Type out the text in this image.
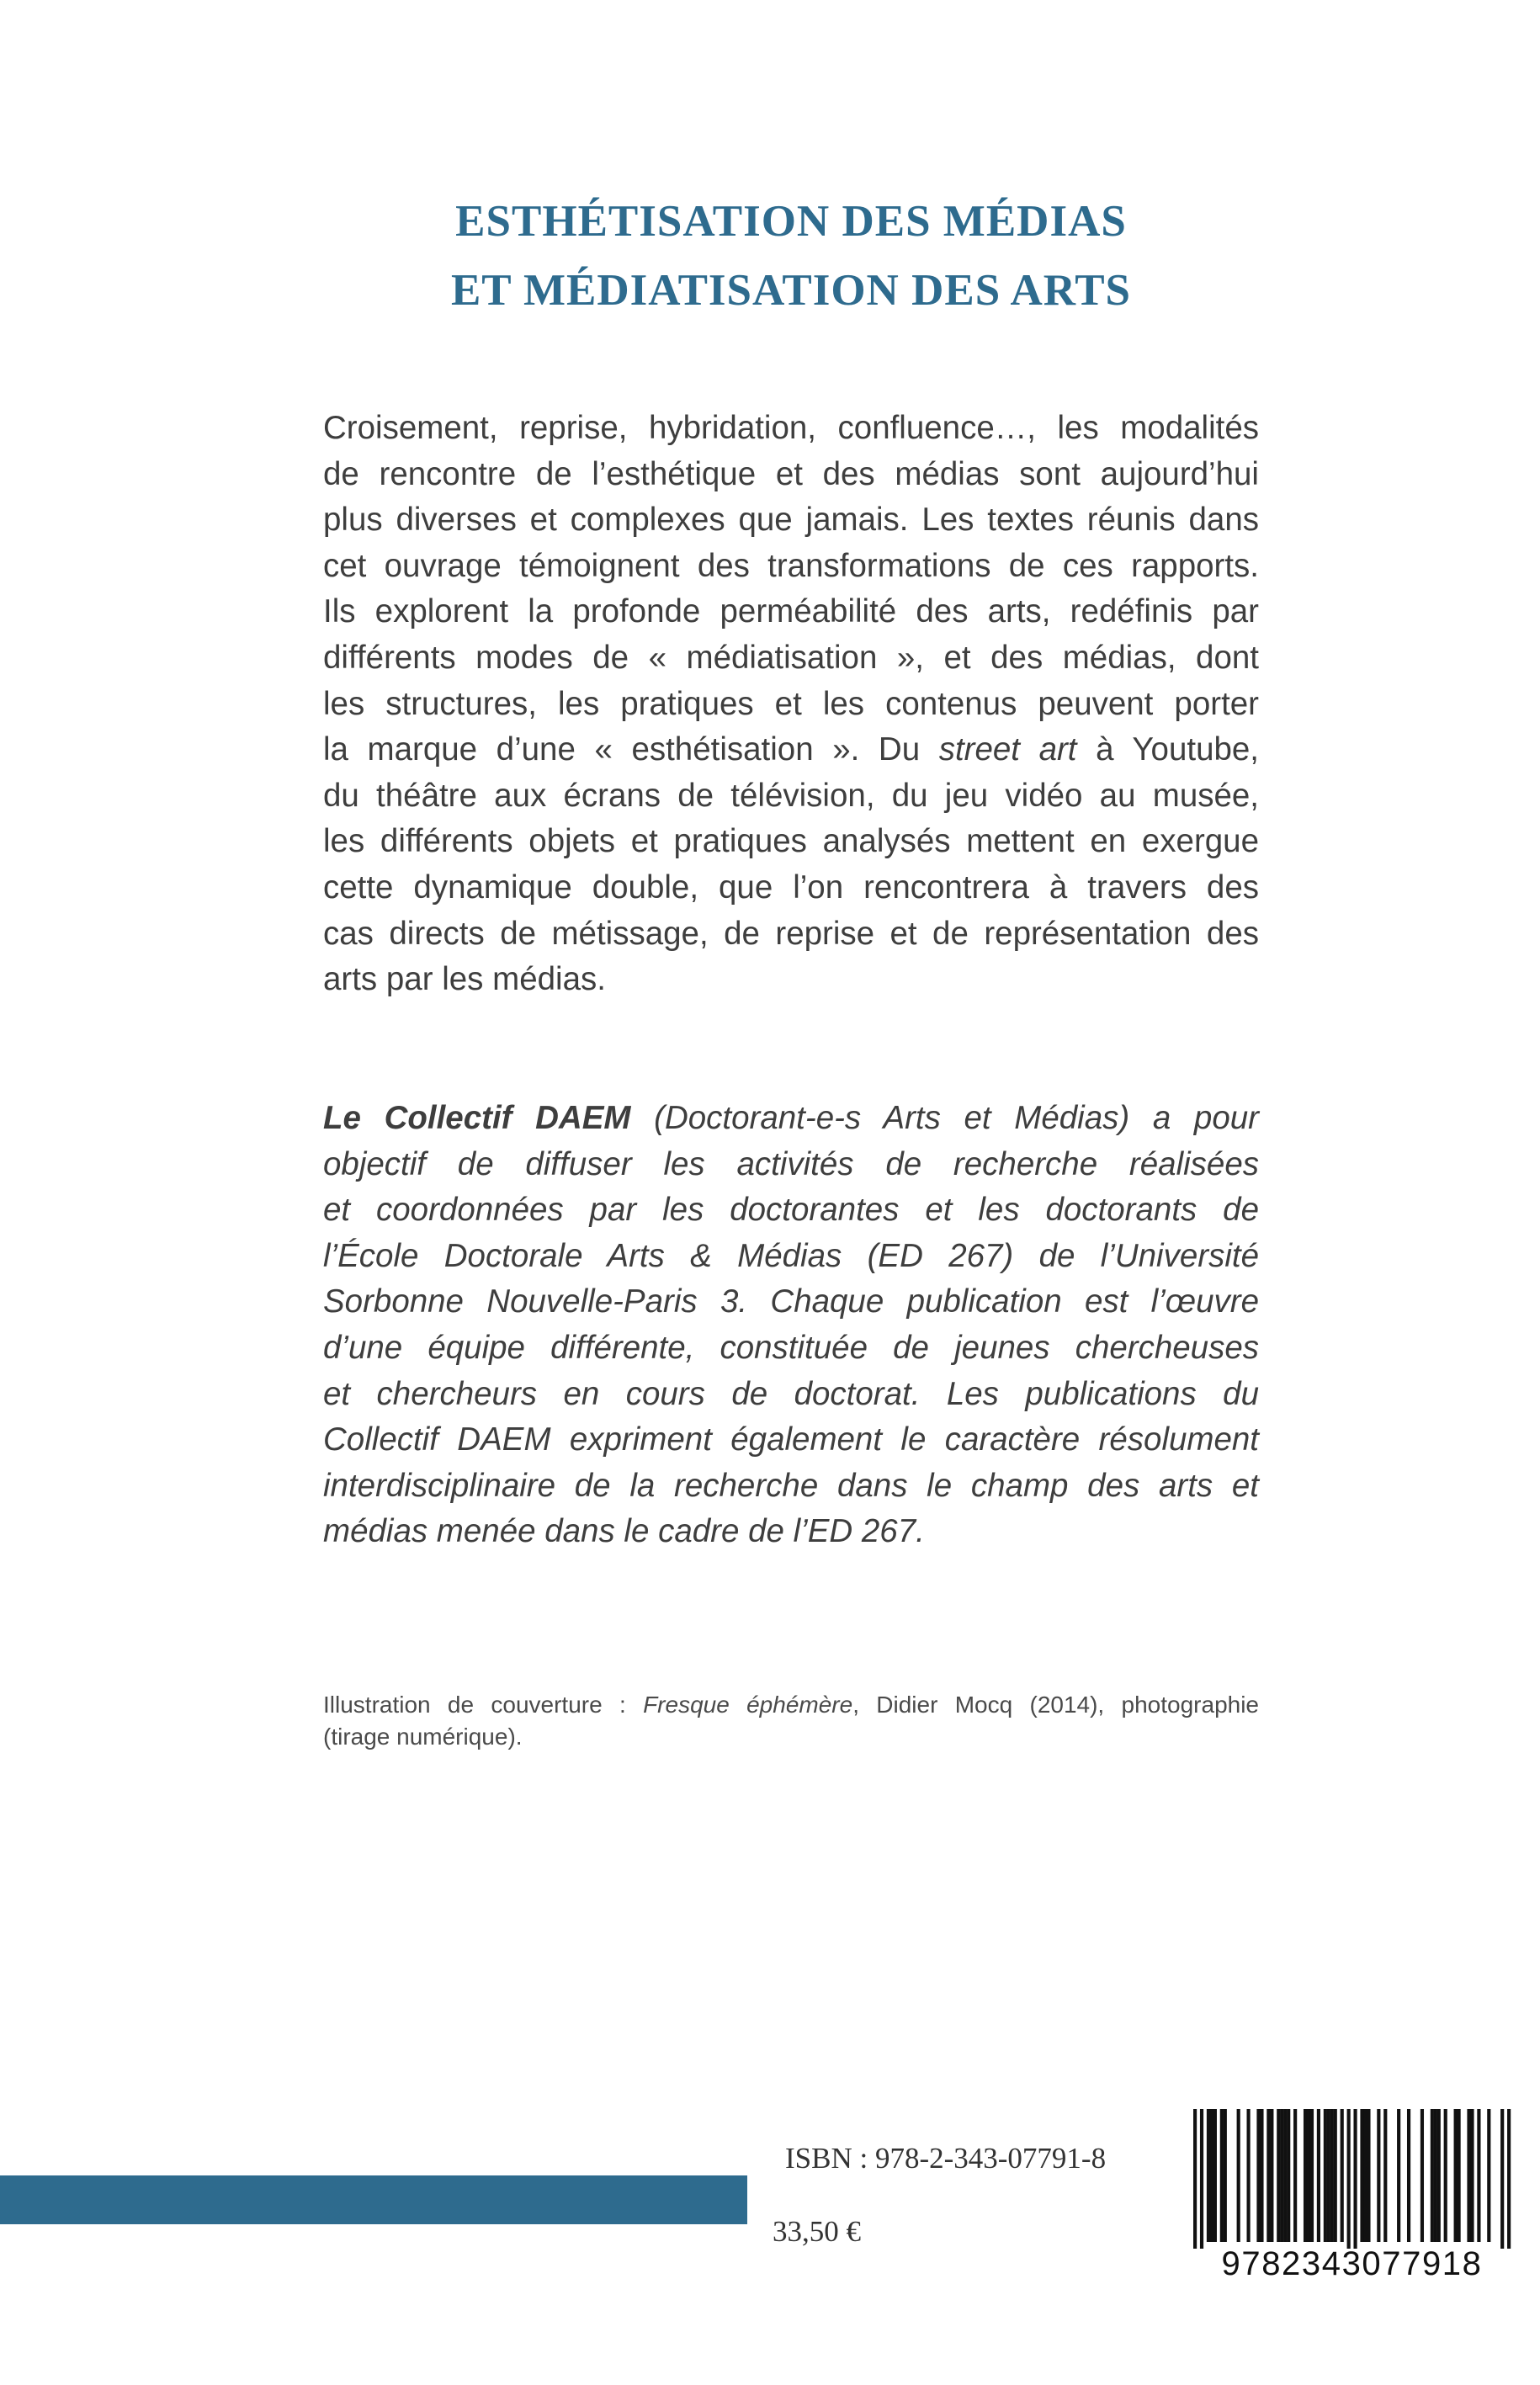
ESTHÉTISATION DES MÉDIAS
ET MÉDIATISATION DES ARTS
Croisement, reprise, hybridation, confluence…, les modalités
de rencontre de l’esthétique et des médias sont aujourd’hui
plus diverses et complexes que jamais. Les textes réunis dans
cet ouvrage témoignent des transformations de ces rapports.
Ils explorent la profonde perméabilité des arts, redéfinis par
différents modes de « médiatisation », et des médias, dont
les structures, les pratiques et les contenus peuvent porter
la marque d’une « esthétisation ». Du street art à Youtube,
du théâtre aux écrans de télévision, du jeu vidéo au musée,
les différents objets et pratiques analysés mettent en exergue
cette dynamique double, que l’on rencontrera à travers des
cas directs de métissage, de reprise et de représentation des
arts par les médias.
Le Collectif DAEM (Doctorant-e-s Arts et Médias) a pour
objectif de diffuser les activités de recherche réalisées
et coordonnées par les doctorantes et les doctorants de
l’École Doctorale Arts & Médias (ED 267) de l’Université
Sorbonne Nouvelle-Paris 3. Chaque publication est l’œuvre
d’une équipe différente, constituée de jeunes chercheuses
et chercheurs en cours de doctorat. Les publications du
Collectif DAEM expriment également le caractère résolument
interdisciplinaire de la recherche dans le champ des arts et
médias menée dans le cadre de l’ED 267.
Illustration de couverture : Fresque éphémère, Didier Mocq (2014), photographie
(tirage numérique).
ISBN : 978-2-343-07791-8
33,50 €
9782343077918
